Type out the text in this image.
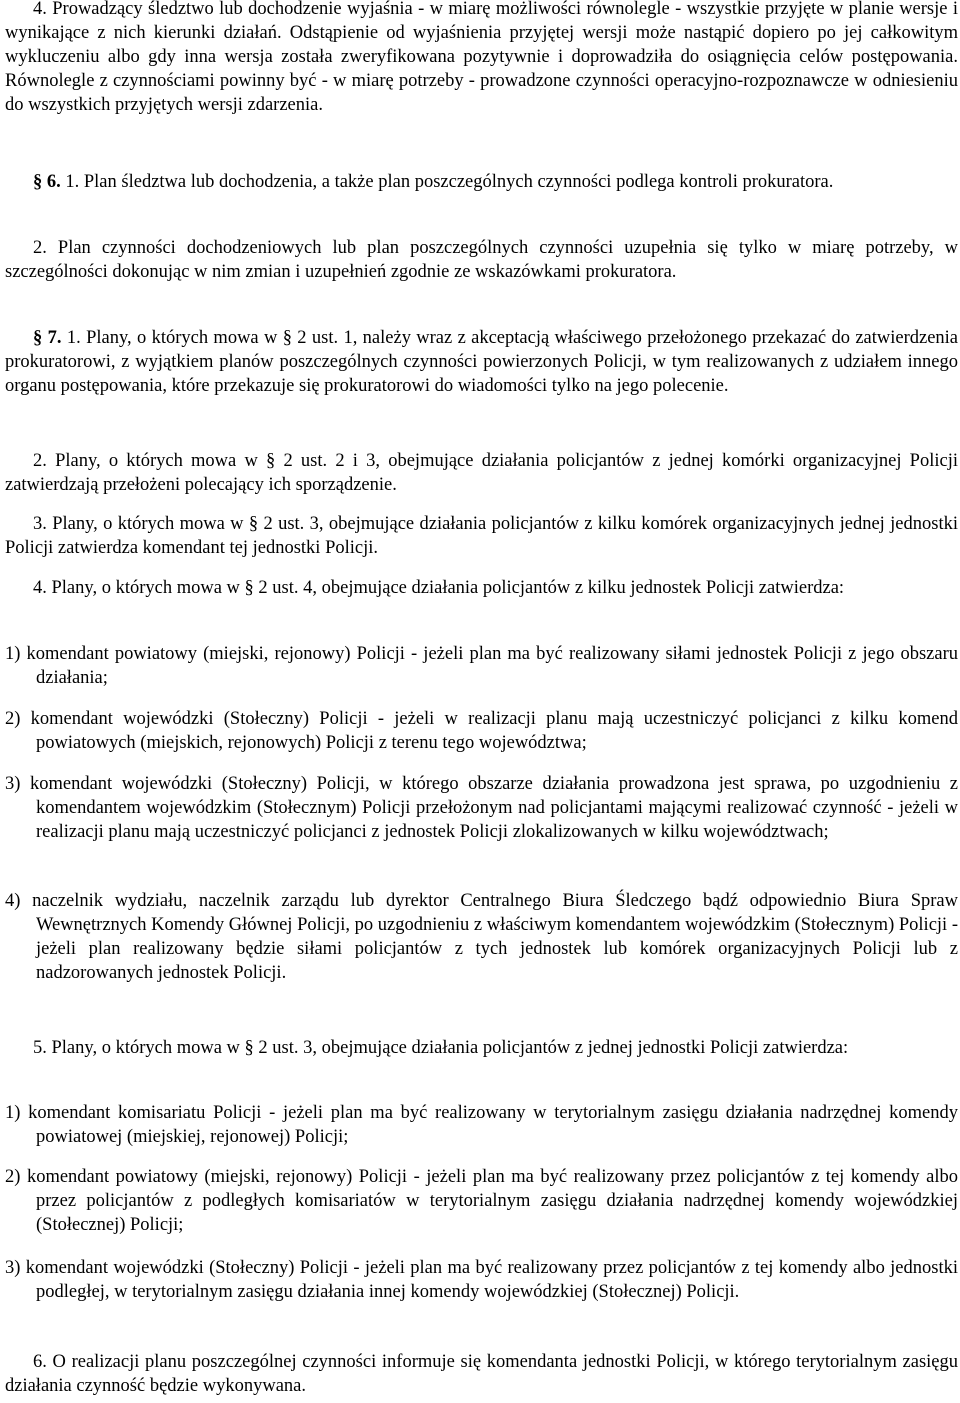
4. Prowadzący śledztwo lub dochodzenie wyjaśnia - w miarę możliwości równolegle - wszystkie przyjęte w planie wersje i wynikające z nich kierunki działań. Odstąpienie od wyjaśnienia przyjętej wersji może nastąpić dopiero po jej całkowitym wykluczeniu albo gdy inna wersja została zweryfikowana pozytywnie i doprowadziła do osiągnięcia celów postępowania. Równolegle z czynnościami powinny być - w miarę potrzeby - prowadzone czynności operacyjno-rozpoznawcze w odniesieniu do wszystkich przyjętych wersji zdarzenia.

§ 6. 1. Plan śledztwa lub dochodzenia, a także plan poszczególnych czynności podlega kontroli prokuratora.

2. Plan czynności dochodzeniowych lub plan poszczególnych czynności uzupełnia się tylko w miarę potrzeby, w szczególności dokonując w nim zmian i uzupełnień zgodnie ze wskazówkami prokuratora.

§ 7. 1. Plany, o których mowa w § 2 ust. 1, należy wraz z akceptacją właściwego przełożonego przekazać do zatwierdzenia prokuratorowi, z wyjątkiem planów poszczególnych czynności powierzonych Policji, w tym realizowanych z udziałem innego organu postępowania, które przekazuje się prokuratorowi do wiadomości tylko na jego polecenie.

2. Plany, o których mowa w § 2 ust. 2 i 3, obejmujące działania policjantów z jednej komórki organizacyjnej Policji zatwierdzają przełożeni polecający ich sporządzenie.

3. Plany, o których mowa w § 2 ust. 3, obejmujące działania policjantów z kilku komórek organizacyjnych jednej jednostki Policji zatwierdza komendant tej jednostki Policji.

4. Plany, o których mowa w § 2 ust. 4, obejmujące działania policjantów z kilku jednostek Policji zatwierdza:

1) komendant powiatowy (miejski, rejonowy) Policji - jeżeli plan ma być realizowany siłami jednostek Policji z jego obszaru działania;

2) komendant wojewódzki (Stołeczny) Policji - jeżeli w realizacji planu mają uczestniczyć policjanci z kilku komend powiatowych (miejskich, rejonowych) Policji z terenu tego województwa;

3) komendant wojewódzki (Stołeczny) Policji, w którego obszarze działania prowadzona jest sprawa, po uzgodnieniu z komendantem wojewódzkim (Stołecznym) Policji przełożonym nad policjantami mającymi realizować czynność - jeżeli w realizacji planu mają uczestniczyć policjanci z jednostek Policji zlokalizowanych w kilku województwach;

4) naczelnik wydziału, naczelnik zarządu lub dyrektor Centralnego Biura Śledczego bądź odpowiednio Biura Spraw Wewnętrznych Komendy Głównej Policji, po uzgodnieniu z właściwym komendantem wojewódzkim (Stołecznym) Policji - jeżeli plan realizowany będzie siłami policjantów z tych jednostek lub komórek organizacyjnych Policji lub z nadzorowanych jednostek Policji.

5. Plany, o których mowa w § 2 ust. 3, obejmujące działania policjantów z jednej jednostki Policji zatwierdza:

1) komendant komisariatu Policji - jeżeli plan ma być realizowany w terytorialnym zasięgu działania nadrzędnej komendy powiatowej (miejskiej, rejonowej) Policji;

2) komendant powiatowy (miejski, rejonowy) Policji - jeżeli plan ma być realizowany przez policjantów z tej komendy albo przez policjantów z podległych komisariatów w terytorialnym zasięgu działania nadrzędnej komendy wojewódzkiej (Stołecznej) Policji;

3) komendant wojewódzki (Stołeczny) Policji - jeżeli plan ma być realizowany przez policjantów z tej komendy albo jednostki podległej, w terytorialnym zasięgu działania innej komendy wojewódzkiej (Stołecznej) Policji.

6. O realizacji planu poszczególnej czynności informuje się komendanta jednostki Policji, w którego terytorialnym zasięgu działania czynność będzie wykonywana.
